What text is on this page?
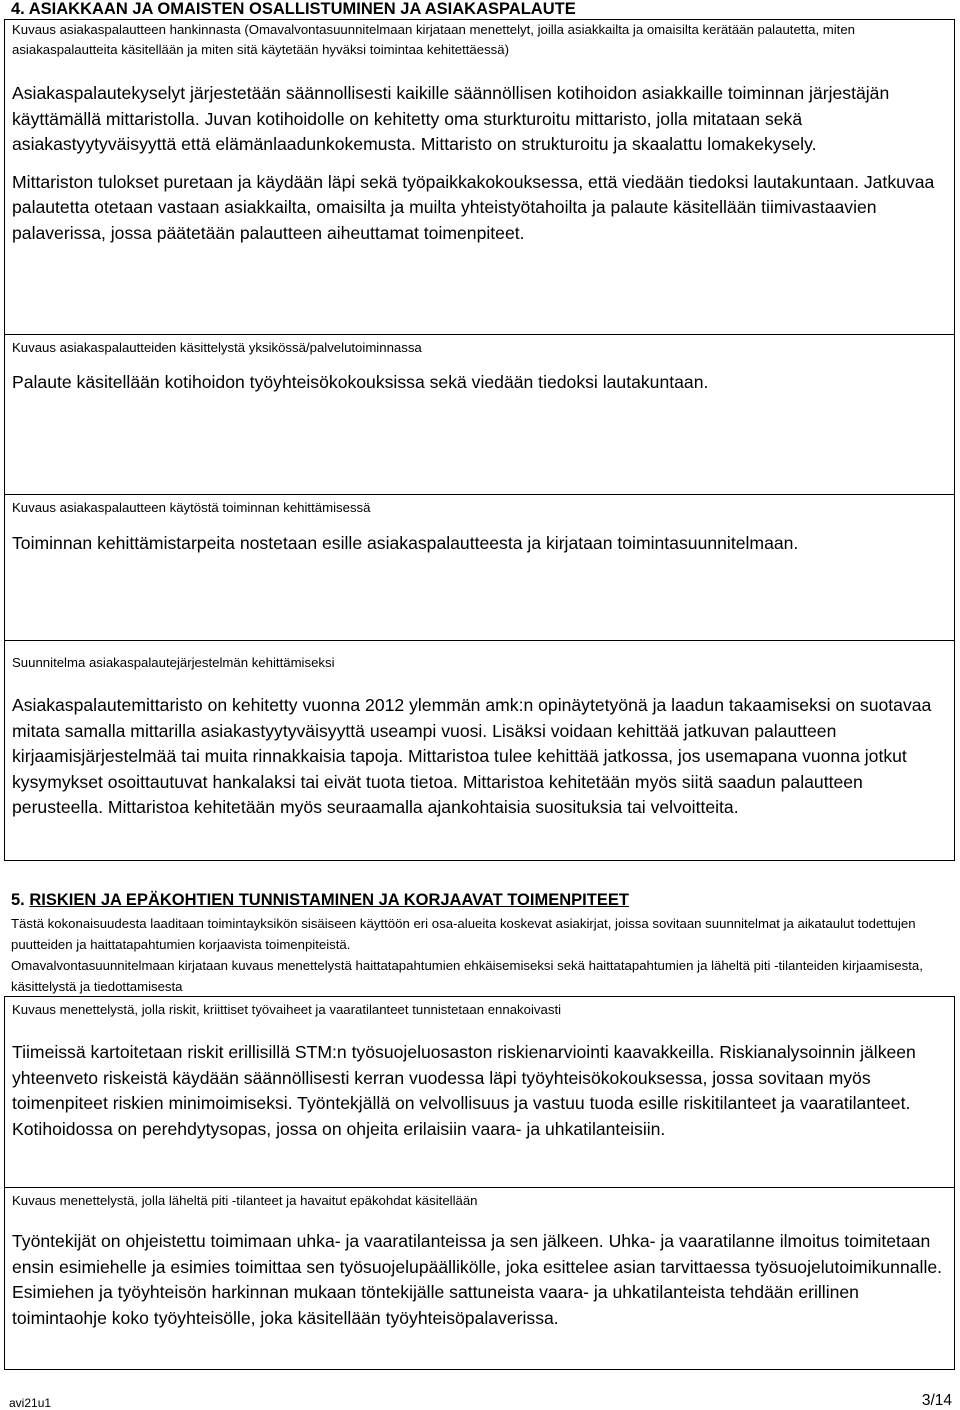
4. ASIAKKAAN JA OMAISTEN OSALLISTUMINEN JA ASIAKASPALAUTE

Kuvaus asiakaspalautteen hankinnasta (Omavalvontasuunnitelmaan kirjataan menettelyt, joilla asiakkailta ja omaisilta kerätään palautetta, miten asiakaspalautteita käsitellään ja miten sitä käytetään hyväksi toimintaa kehitettäessä)

Asiakaspalautekyselyt järjestetään säännollisesti kaikille säännöllisen kotihoidon asiakkaille toiminnan järjestäjän käyttämällä mittaristolla. Juvan kotihoidolle on kehitetty oma sturkturoitu mittaristo, jolla mitataan sekä asiakastyytyväisyyttä että elämänlaadunkokemusta. Mittaristo on strukturoitu ja skaalattu lomakekysely.

Mittariston tulokset puretaan ja käydään läpi sekä työpaikkakokouksessa, että viedään tiedoksi lautakuntaan. Jatkuvaa palautetta otetaan vastaan asiakkailta, omaisilta ja muilta yhteistyötahoilta ja palaute käsitellään tiimivastaavien palaverissa, jossa päätetään palautteen aiheuttamat toimenpiteet.

Kuvaus asiakaspalautteiden käsittelystä yksikössä/palvelutoiminnassa

Palaute käsitellään kotihoidon työyhteisökokouksissa sekä viedään tiedoksi lautakuntaan.

Kuvaus asiakaspalautteen käytöstä toiminnan kehittämisessä

Toiminnan kehittämistarpeita nostetaan esille asiakaspalautteesta ja kirjataan toimintasuunnitelmaan.

Suunnitelma asiakaspalautejärjestelmän kehittämiseksi

Asiakaspalautemittaristo on kehitetty vuonna 2012 ylemmän amk:n opinäytetyönä ja laadun takaamiseksi on suotavaa mitata samalla mittarilla asiakastyytyväisyyttä useampi vuosi. Lisäksi voidaan kehittää jatkuvan palautteen kirjaamisjärjestelmää tai muita rinnakkaisia tapoja. Mittaristoa tulee kehittää jatkossa, jos usemapana vuonna jotkut kysymykset osoittautuvat hankalaksi tai eivät tuota tietoa. Mittaristoa kehitetään myös siitä saadun palautteen perusteella. Mittaristoa kehitetään myös seuraamalla ajankohtaisia suosituksia tai velvoitteita.

5. RISKIEN JA EPÄKOHTIEN TUNNISTAMINEN JA KORJAAVAT TOIMENPITEET

Tästä kokonaisuudesta laaditaan toimintayksikön sisäiseen käyttöön eri osa-alueita koskevat asiakirjat, joissa sovitaan suunnitelmat ja aikataulut todettujen puutteiden ja haittatapahtumien korjaavista toimenpiteistä.

Omavalvontasuunnitelmaan kirjataan kuvaus menettelystä haittatapahtumien ehkäisemiseksi sekä haittatapahtumien ja läheltä piti -tilanteiden kirjaamisesta, käsittelystä ja tiedottamisesta

Kuvaus menettelystä, jolla riskit, kriittiset työvaiheet ja vaaratilanteet tunnistetaan ennakoivasti

Tiimeissä kartoitetaan riskit erillisillä STM:n työsuojeluosaston riskienarviointi kaavakkeilla. Riskianalysoinnin jälkeen yhteenveto riskeistä käydään säännöllisesti kerran vuodessa läpi työyhteisökokouksessa, jossa sovitaan myös toimenpiteet riskien minimoimiseksi. Työntekjällä on velvollisuus ja vastuu tuoda esille riskitilanteet ja vaaratilanteet. Kotihoidossa on perehdytysopas, jossa on ohjeita erilaisiin vaara- ja uhkatilanteisiin.

Kuvaus menettelystä, jolla läheltä piti -tilanteet ja havaitut epäkohdat käsitellään

Työntekijät on ohjeistettu toimimaan uhka- ja vaaratilanteissa ja sen jälkeen. Uhka- ja vaaratilanne ilmoitus toimitetaan ensin esimiehelle ja esimies toimittaa sen työsuojelupäällikölle, joka esittelee asian tarvittaessa työsuojelutoimikunnalle. Esimiehen ja työyhteisön harkinnan mukaan töntekijälle sattuneista vaara- ja uhkatilanteista tehdään erillinen toimintaohje koko työyhteisölle, joka käsitellään työyhteisöpalaverissa.

avi21u1	3/14
